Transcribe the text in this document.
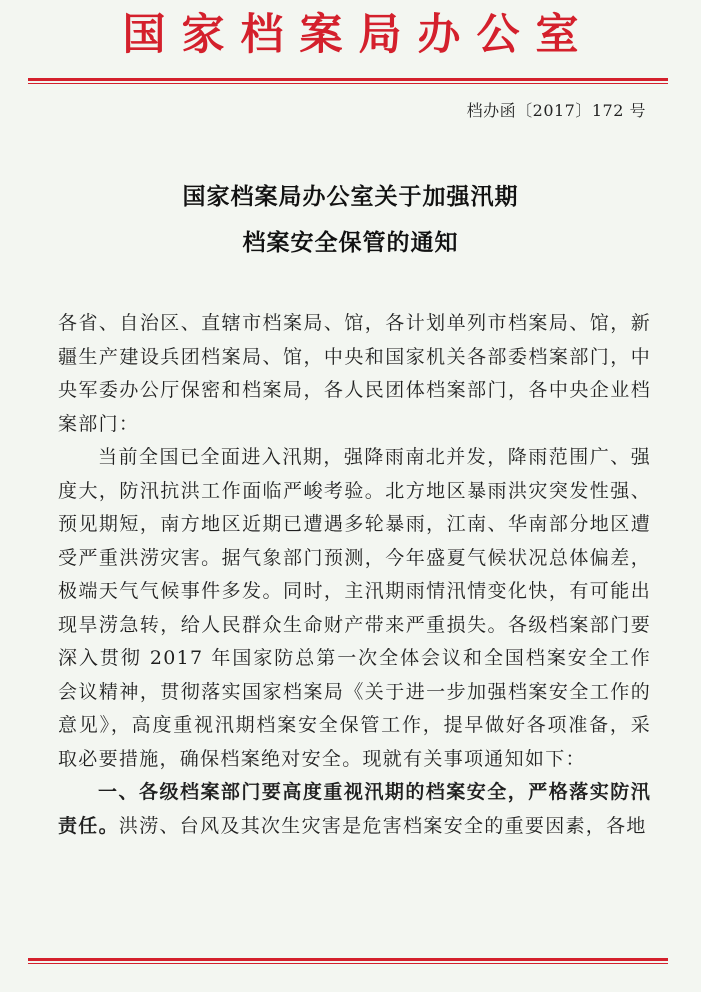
国家档案局办公室
档办函〔2017〕172 号
国家档案局办公室关于加强汛期
档案安全保管的通知

各省、自治区、直辖市档案局、馆，各计划单列市档案局、馆，新疆生产建设兵团档案局、馆，中央和国家机关各部委档案部门，中央军委办公厅保密和档案局，各人民团体档案部门，各中央企业档案部门：

当前全国已全面进入汛期，强降雨南北并发，降雨范围广、强度大，防汛抗洪工作面临严峻考验。北方地区暴雨洪灾突发性强、预见期短，南方地区近期已遭遇多轮暴雨，江南、华南部分地区遭受严重洪涝灾害。据气象部门预测，今年盛夏气候状况总体偏差，极端天气气候事件多发。同时，主汛期雨情汛情变化快，有可能出现旱涝急转，给人民群众生命财产带来严重损失。各级档案部门要深入贯彻 2017 年国家防总第一次全体会议和全国档案安全工作会议精神，贯彻落实国家档案局《关于进一步加强档案安全工作的意见》，高度重视汛期档案安全保管工作，提早做好各项准备，采取必要措施，确保档案绝对安全。现就有关事项通知如下：

一、各级档案部门要高度重视汛期的档案安全，严格落实防汛责任。洪涝、台风及其次生灾害是危害档案安全的重要因素，各地
